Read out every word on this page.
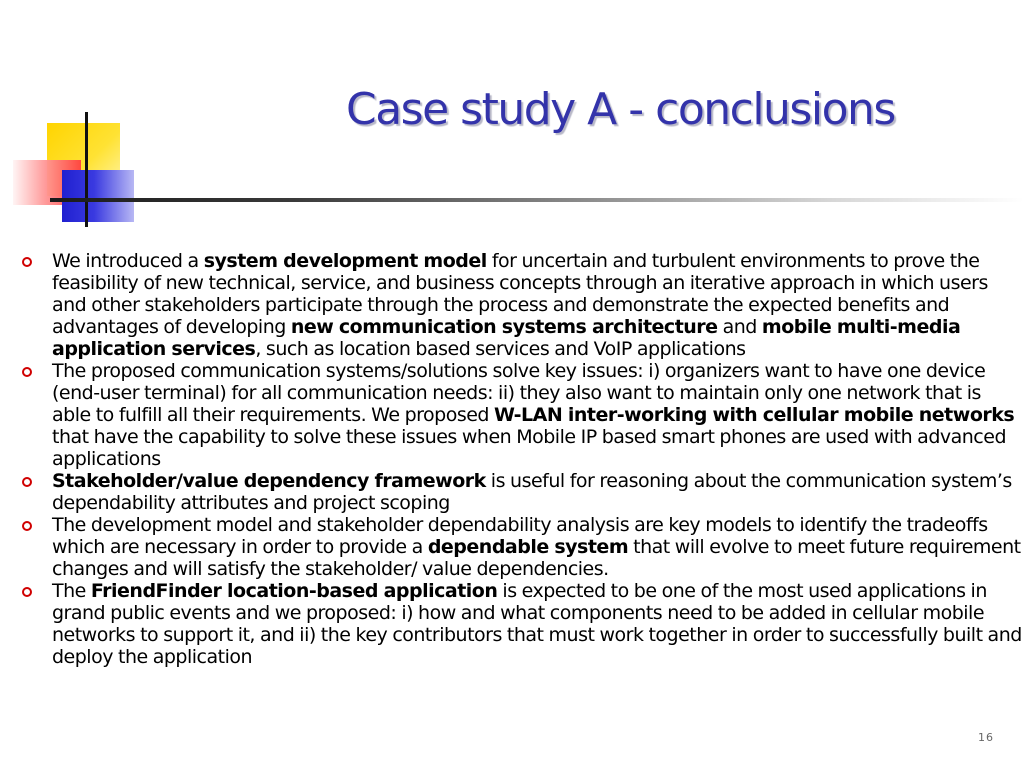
Case study A - conclusions
We introduced a system development model for uncertain and turbulent environments to prove the feasibility of new technical, service, and business concepts through an iterative approach in which users and other stakeholders participate through the process and demonstrate the expected benefits and advantages of developing new communication systems architecture and mobile multi-media application services, such as location based services and VoIP applications
The proposed communication systems/solutions solve key issues: i) organizers want to have one device (end-user terminal) for all communication needs: ii) they also want to maintain only one network that is able to fulfill all their requirements. We proposed W-LAN inter-working with cellular mobile networks that have the capability to solve these issues when Mobile IP based smart phones are used with advanced applications
Stakeholder/value dependency framework is useful for reasoning about the communication system’s dependability attributes and project scoping
The development model and stakeholder dependability analysis are key models to identify the tradeoffs which are necessary in order to provide a dependable system that will evolve to meet future requirement changes and will satisfy the stakeholder/ value dependencies.
The FriendFinder location-based application is expected to be one of the most used applications in grand public events and we proposed: i) how and what components need to be added in cellular mobile networks to support it, and ii) the key contributors that must work together in order to successfully built and deploy the application
16
